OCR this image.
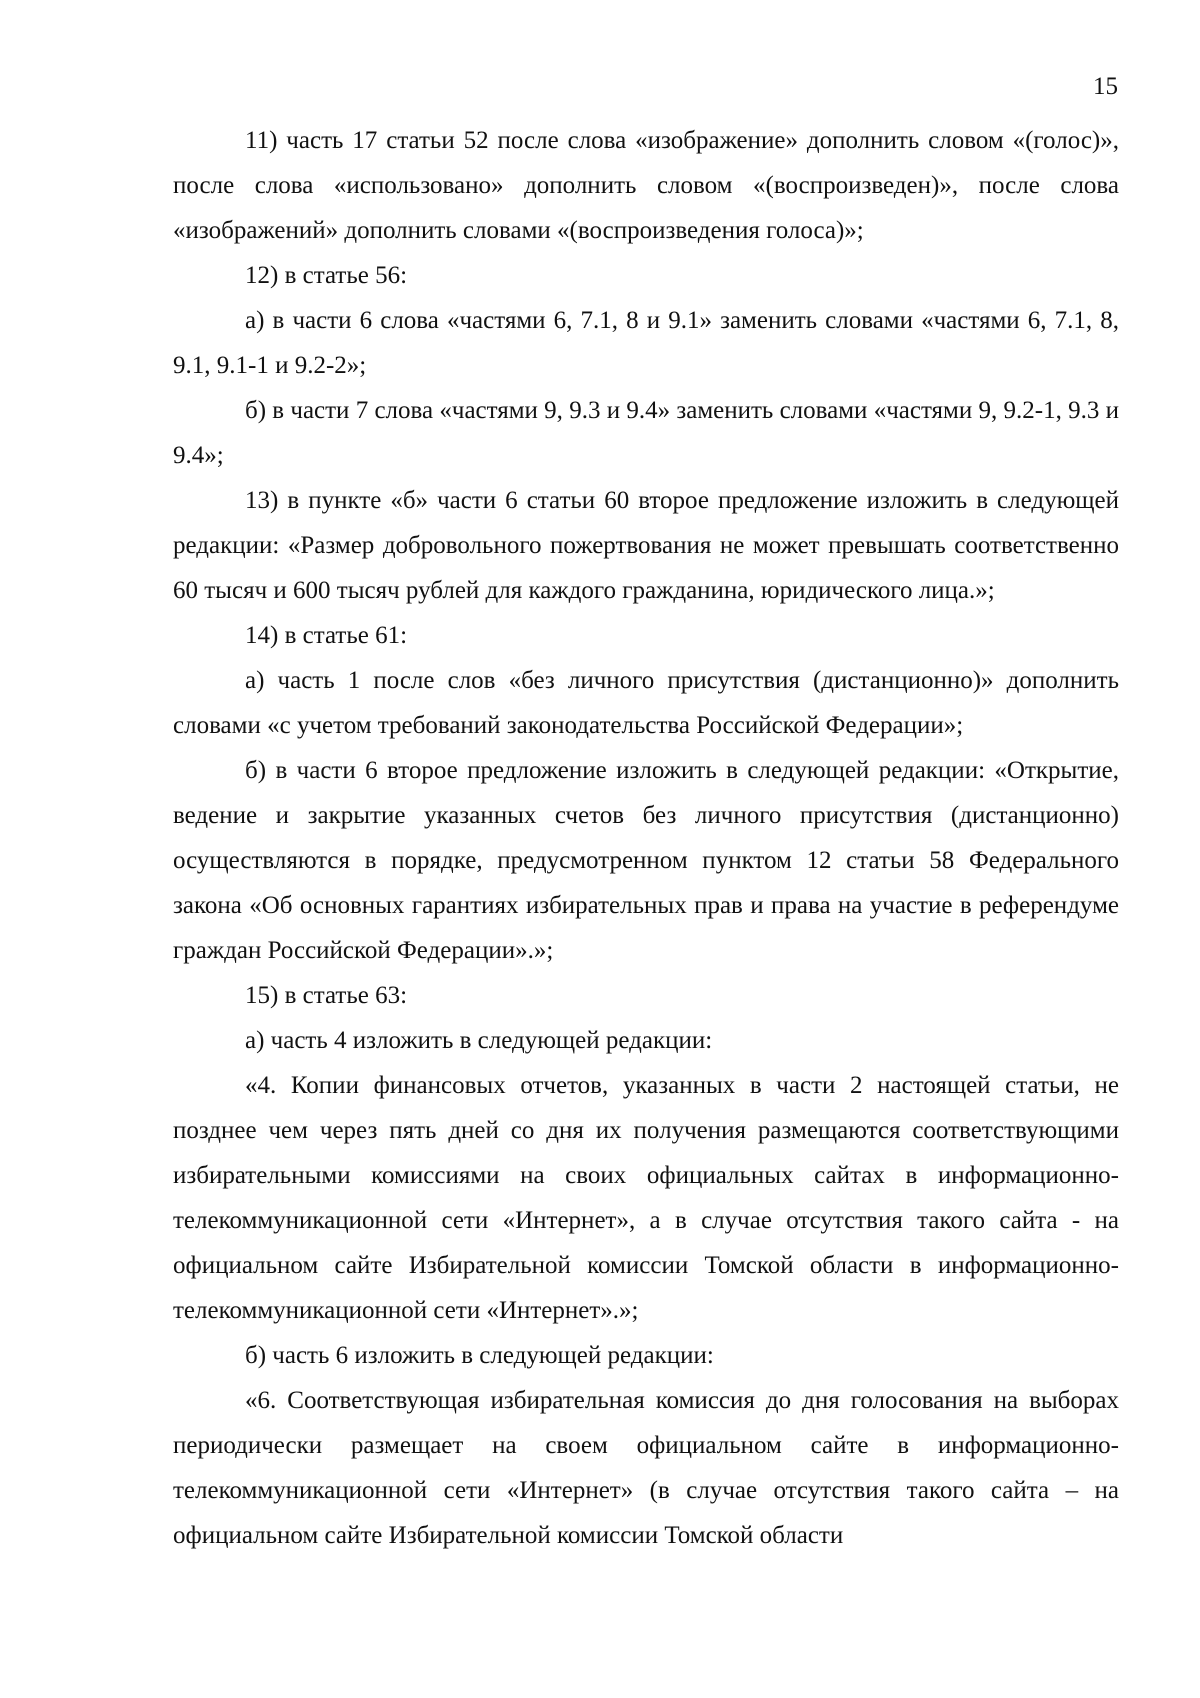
15

11) часть 17 статьи 52 после слова «изображение» дополнить словом «(голос)», после слова «использовано» дополнить словом «(воспроизведен)», после слова «изображений» дополнить словами «(воспроизведения голоса)»;

12) в статье 56:

а) в части 6 слова «частями 6, 7.1, 8 и 9.1» заменить словами «частями 6, 7.1, 8, 9.1, 9.1-1 и 9.2-2»;

б) в части 7 слова «частями 9, 9.3 и 9.4» заменить словами «частями 9, 9.2-1, 9.3 и 9.4»;

13) в пункте «б» части 6 статьи 60 второе предложение изложить в следующей редакции: «Размер добровольного пожертвования не может превышать соответственно 60 тысяч и 600 тысяч рублей для каждого гражданина, юридического лица.»;

14) в статье 61:

а) часть 1 после слов «без личного присутствия (дистанционно)» дополнить словами «с учетом требований законодательства Российской Федерации»;

б) в части 6 второе предложение изложить в следующей редакции: «Открытие, ведение и закрытие указанных счетов без личного присутствия (дистанционно) осуществляются в порядке, предусмотренном пунктом 12 статьи 58 Федерального закона «Об основных гарантиях избирательных прав и права на участие в референдуме граждан Российской Федерации».»;

15) в статье 63:

а) часть 4 изложить в следующей редакции:

«4. Копии финансовых отчетов, указанных в части 2 настоящей статьи, не позднее чем через пять дней со дня их получения размещаются соответствующими избирательными комиссиями на своих официальных сайтах в информационно-телекоммуникационной сети «Интернет», а в случае отсутствия такого сайта - на официальном сайте Избирательной комиссии Томской области в информационно-телекоммуникационной сети «Интернет».»;

б) часть 6 изложить в следующей редакции:

«6. Соответствующая избирательная комиссия до дня голосования на выборах периодически размещает на своем официальном сайте в информационно-телекоммуникационной сети «Интернет» (в случае отсутствия такого сайта – на официальном сайте Избирательной комиссии Томской области
